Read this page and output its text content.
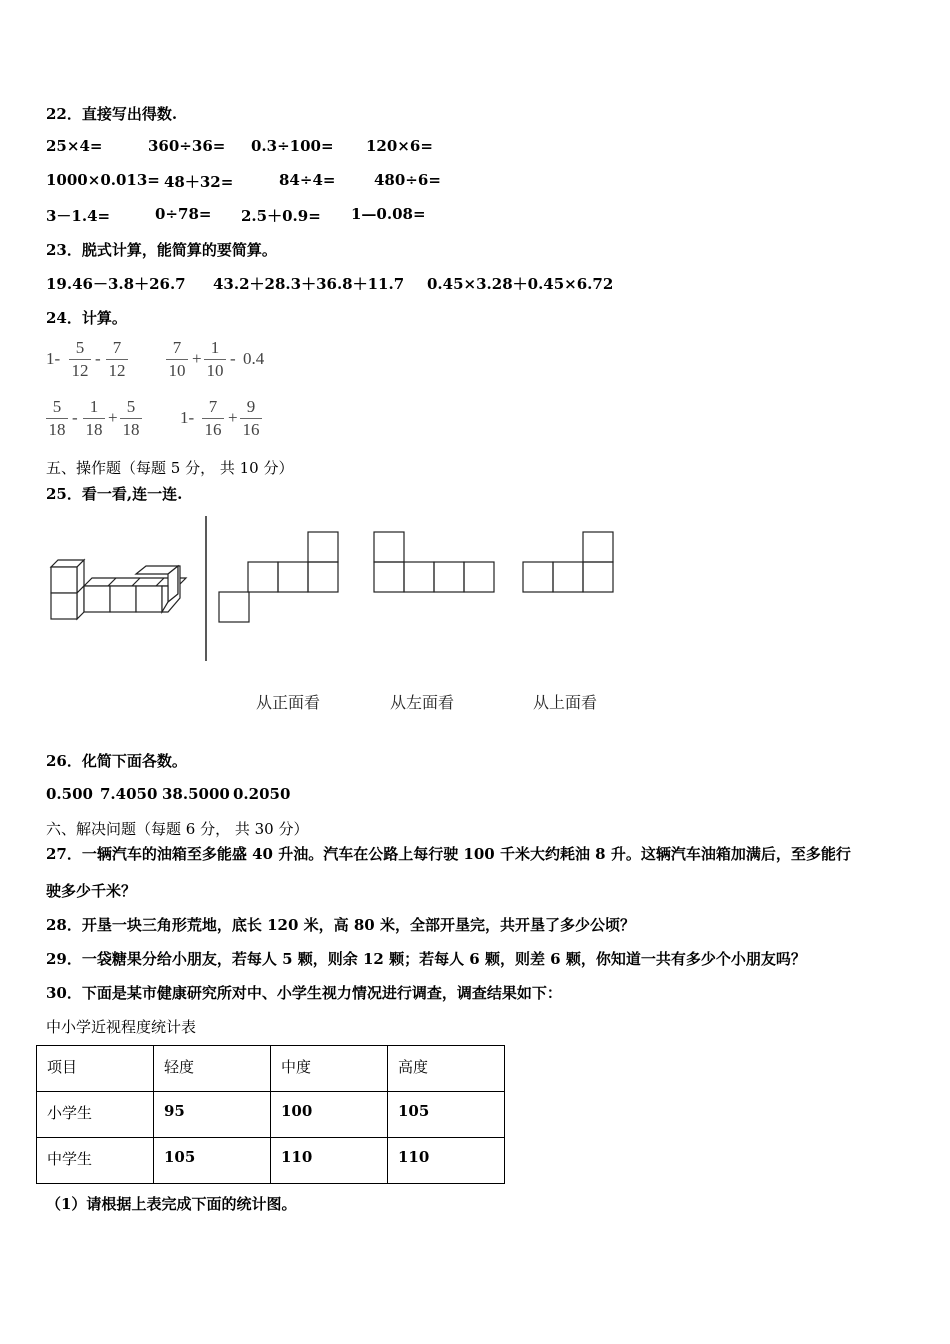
22．直接写出得数.
25×4=	360÷36= 0.3÷100= 120×6=
1000×0.013= 48＋32=	84÷4=	480÷6=
3－1.4=	0÷78= 2.5＋0.9= 1—0.08=
23．脱式计算，能简算的要简算。
19.46－3.8＋26.7 43.2＋28.3＋36.8＋11.7 0.45×3.28＋0.45×6.72
24．计算。
1-
5
12
-
7
12
7
10
+
1
10
- 0.4
5
18
-
1
18
+
5
18
1-
7
16
+
9
16
五、操作题（每题 5 分， 共 10 分）
25．看一看,连一连.
从正面看	从左面看	从上面看
26．化简下面各数。
0.500 7.4050 38.5000 0.2050
六、解决问题（每题 6 分， 共 30 分）
27．一辆汽车的油箱至多能盛 40 升油。汽车在公路上每行驶 100 千米大约耗油 8 升。这辆汽车油箱加满后，至多能行
驶多少千米？
28．开垦一块三角形荒地，底长 120 米，高 80 米，全部开垦完，共开垦了多少公顷？
29．一袋糖果分给小朋友，若每人 5 颗，则余 12 颗；若每人 6 颗，则差 6 颗，你知道一共有多少个小朋友吗？
30．下面是某市健康研究所对中、小学生视力情况进行调查，调查结果如下：
中小学近视程度统计表
项目	轻度	中度	高度
小学生	95	100	105
中学生	105	110	110
（1）请根据上表完成下面的统计图。
